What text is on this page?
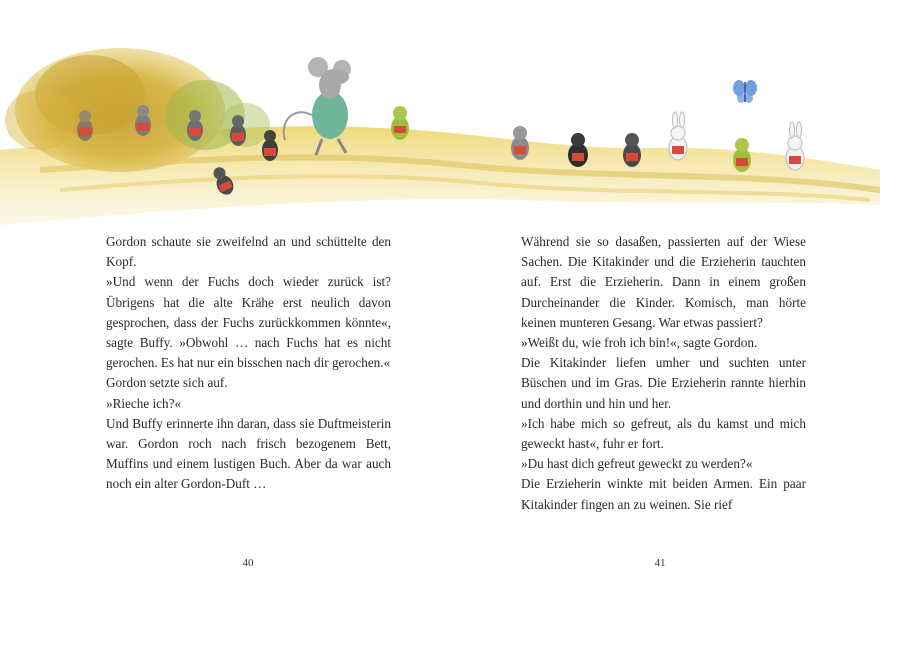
Gordon schaute sie zweifelnd an und schüttelte den Kopf.

»Und wenn der Fuchs doch wieder zurück ist? Übrigens hat die alte Krähe erst neulich davon gesprochen, dass der Fuchs zurückkommen könnte«, sagte Buffy. »Obwohl … nach Fuchs hat es nicht gerochen. Es hat nur ein bisschen nach dir gerochen.«

Gordon setzte sich auf.

»Rieche ich?«

Und Buffy erinnerte ihn daran, dass sie Duftmeisterin war. Gordon roch nach frisch bezogenem Bett, Muffins und einem lustigen Buch. Aber da war auch noch ein alter Gordon-Duft …

Während sie so dasaßen, passierten auf der Wiese Sachen. Die Kitakinder und die Erzieherin tauchten auf. Erst die Erzieherin. Dann in einem großen Durcheinander die Kinder. Komisch, man hörte keinen munteren Gesang. War etwas passiert?

»Weißt du, wie froh ich bin!«, sagte Gordon.

Die Kitakinder liefen umher und suchten unter Büschen und im Gras. Die Erzieherin rannte hierhin und dorthin und hin und her.

»Ich habe mich so gefreut, als du kamst und mich geweckt hast«, fuhr er fort.

»Du hast dich gefreut geweckt zu werden?«

Die Erzieherin winkte mit beiden Armen. Ein paar Kitakinder fingen an zu weinen. Sie rief

40	41
